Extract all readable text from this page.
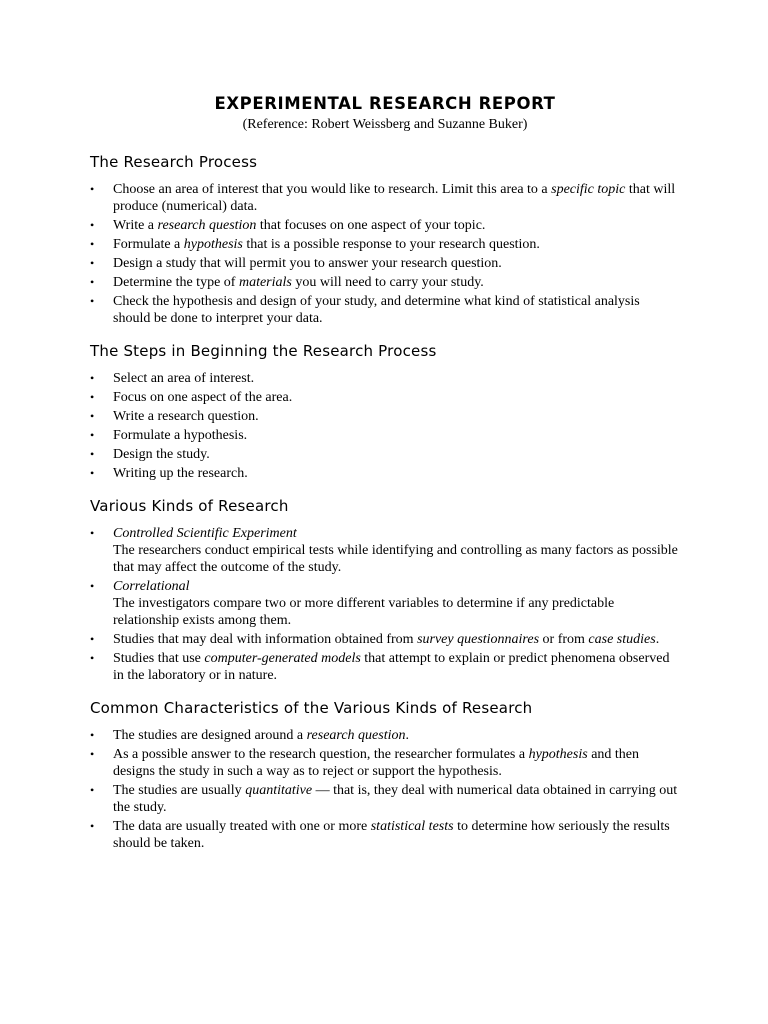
EXPERIMENTAL RESEARCH REPORT

(Reference: Robert Weissberg and Suzanne Buker)

The Research Process
• Choose an area of interest that you would like to research. Limit this area to a specific topic that will produce (numerical) data.
• Write a research question that focuses on one aspect of your topic.
• Formulate a hypothesis that is a possible response to your research question.
• Design a study that will permit you to answer your research question.
• Determine the type of materials you will need to carry your study.
• Check the hypothesis and design of your study, and determine what kind of statistical analysis should be done to interpret your data.
The Steps in Beginning the Research Process
• Select an area of interest.
• Focus on one aspect of the area.
• Write a research question.
• Formulate a hypothesis.
• Design the study.
• Writing up the research.
Various Kinds of Research
• Controlled Scientific Experiment
The researchers conduct empirical tests while identifying and controlling as many factors as possible that may affect the outcome of the study.
• Correlational
The investigators compare two or more different variables to determine if any predictable relationship exists among them.
• Studies that may deal with information obtained from survey questionnaires or from case studies.
• Studies that use computer-generated models that attempt to explain or predict phenomena observed in the laboratory or in nature.
Common Characteristics of the Various Kinds of Research
• The studies are designed around a research question.
• As a possible answer to the research question, the researcher formulates a hypothesis and then designs the study in such a way as to reject or support the hypothesis.
• The studies are usually quantitative — that is, they deal with numerical data obtained in carrying out the study.
• The data are usually treated with one or more statistical tests to determine how seriously the results should be taken.
